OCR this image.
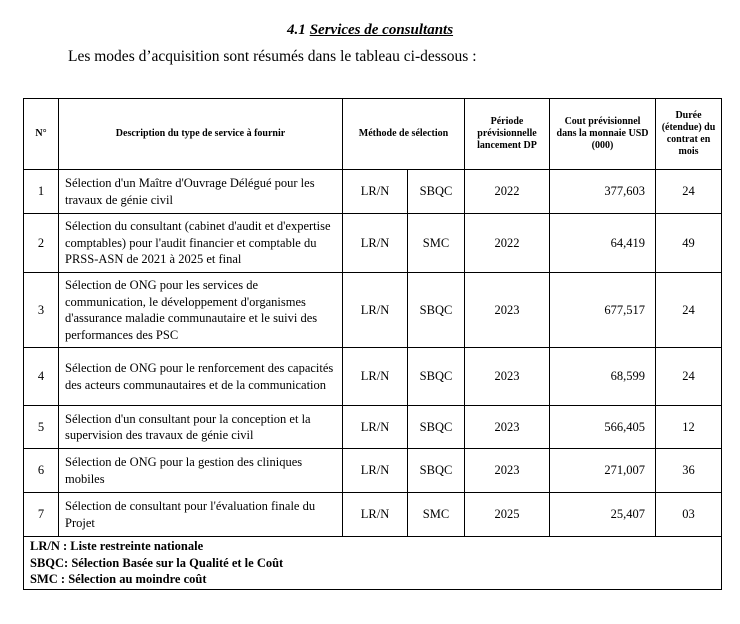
4.1 Services de consultants
Les modes d’acquisition sont résumés dans le tableau ci-dessous :
N°	Description du type de service à fournir	Méthode de sélection		Période prévisionnelle lancement DP	Cout prévisionnel dans la monnaie USD (000)	Durée (étendue) du contrat en mois
1	Sélection d'un Maître d'Ouvrage Délégué pour les travaux de génie civil	LR/N	SBQC	2022	377,603	24
2	Sélection du consultant (cabinet d'audit et d'expertise comptables) pour l'audit financier et comptable du PRSS-ASN de 2021 à 2025 et final	LR/N	SMC	2022	64,419	49
3	Sélection de ONG pour les services de communication, le développement d'organismes d'assurance maladie communautaire et le suivi des performances des PSC	LR/N	SBQC	2023	677,517	24
4	Sélection de ONG pour le renforcement des capacités des acteurs communautaires et de la communication	LR/N	SBQC	2023	68,599	24
5	Sélection d'un consultant pour la conception et la supervision des travaux de génie civil	LR/N	SBQC	2023	566,405	12
6	Sélection de ONG pour la gestion des cliniques mobiles	LR/N	SBQC	2023	271,007	36
7	Sélection de consultant pour l'évaluation finale du Projet	LR/N	SMC	2025	25,407	03

LR/N : Liste restreinte nationale
SBQC: Sélection Basée sur la Qualité et le Coût
SMC : Sélection au moindre coût						
